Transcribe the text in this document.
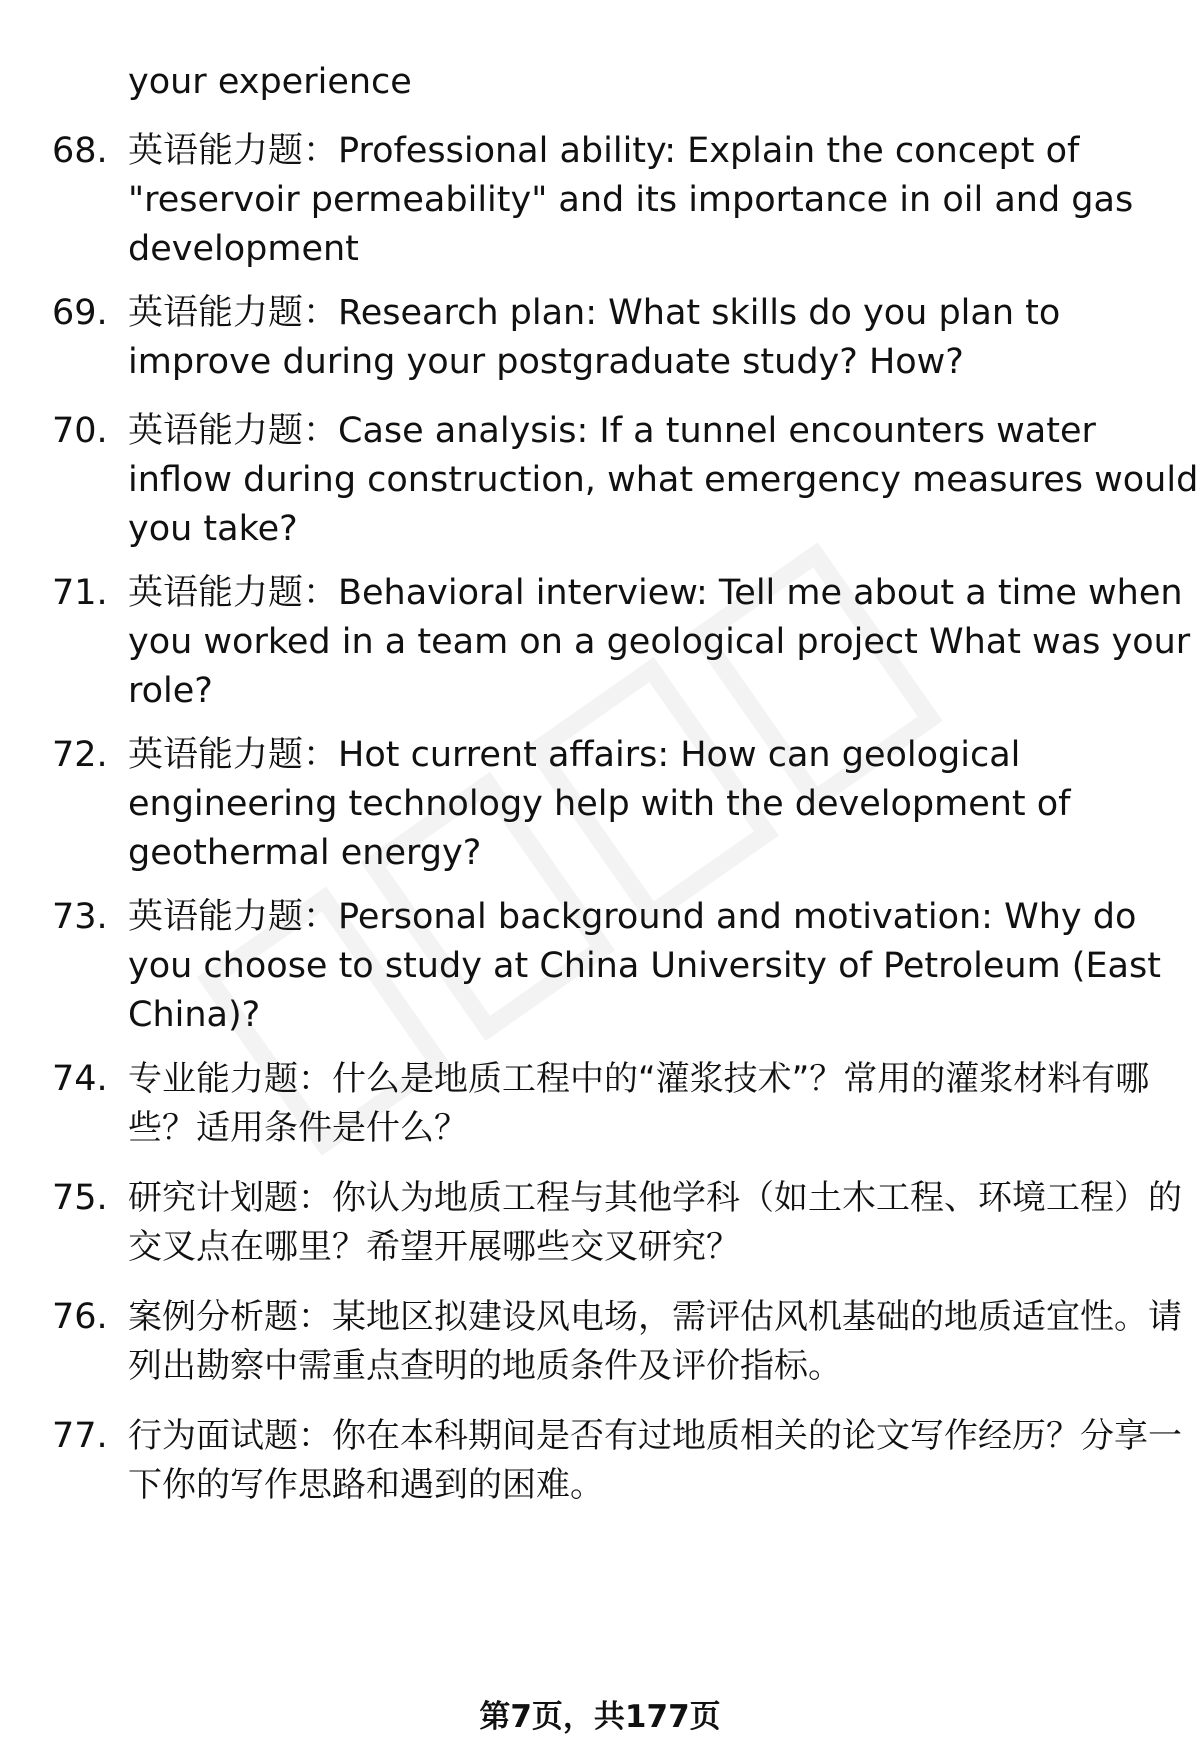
your experience
68. 英语能力题：Professional ability: Explain the concept of "reservoir permeability" and its importance in oil and gas development
69. 英语能力题：Research plan: What skills do you plan to improve during your postgraduate study? How?
70. 英语能力题：Case analysis: If a tunnel encounters water inflow during construction, what emergency measures would you take?
71. 英语能力题：Behavioral interview: Tell me about a time when you worked in a team on a geological project What was your role?
72. 英语能力题：Hot current affairs: How can geological engineering technology help with the development of geothermal energy?
73. 英语能力题：Personal background and motivation: Why do you choose to study at China University of Petroleum (East China)?
74. 专业能力题：什么是地质工程中的“灌浆技术”？常用的灌浆材料有哪些？适用条件是什么？
75. 研究计划题：你认为地质工程与其他学科（如土木工程、环境工程）的交叉点在哪里？希望开展哪些交叉研究？
76. 案例分析题：某地区拟建设风电场，需评估风机基础的地质适宜性。请列出勘察中需重点查明的地质条件及评价指标。
77. 行为面试题：你在本科期间是否有过地质相关的论文写作经历？分享一下你的写作思路和遇到的困难。
第7页，共177页
